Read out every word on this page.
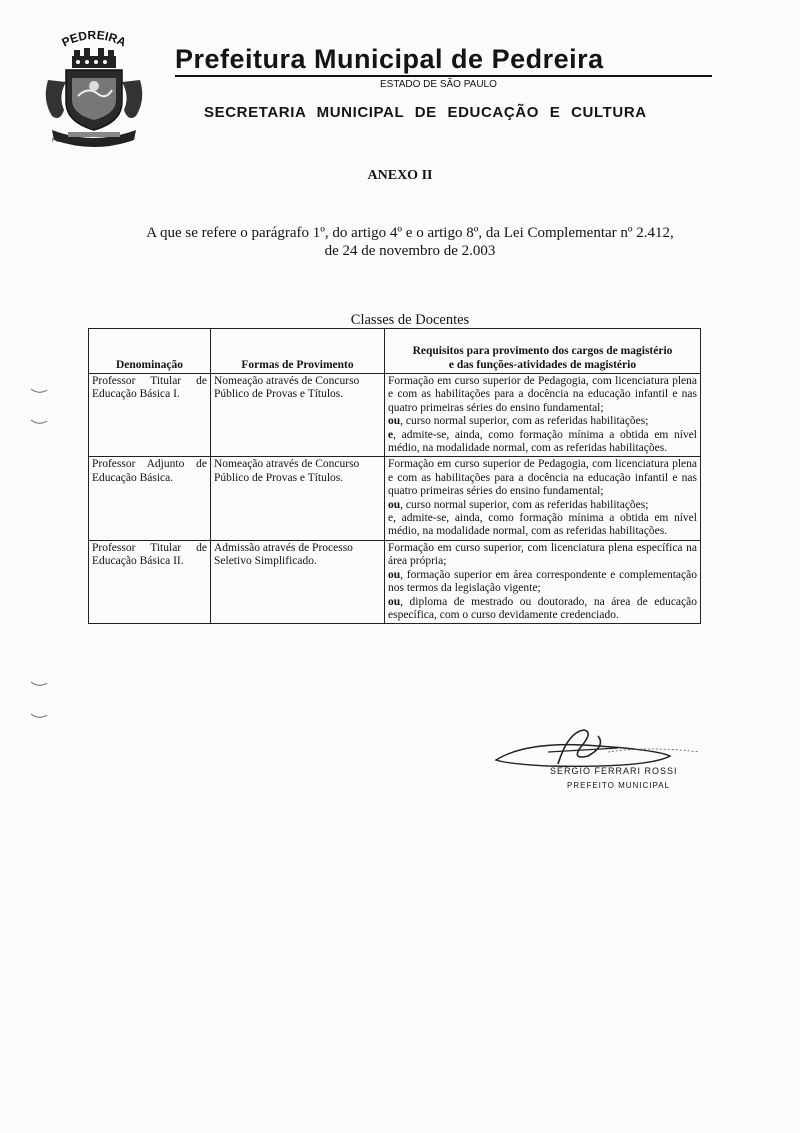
PEDREIRA
Flor da Porcelana
Prefeitura Municipal de Pedreira
ESTADO DE SÃO PAULO
SECRETARIA MUNICIPAL DE EDUCAÇÃO E CULTURA
ANEXO II
A que se refere o parágrafo 1º, do artigo 4º e o artigo 8º, da Lei Complementar nº 2.412,
de 24 de novembro de 2.003
Classes de Docentes
Denominação	Formas de Provimento	Requisitos para provimento dos cargos de magistério
e das funções-atividades de magistério

Professor Titular de Educação Básica I.	Nomeação através de Concurso Público de Provas e Títulos.	Formação em curso superior de Pedagogia, com licenciatura plena e com as habilitações para a docência na educação infantil e nas quatro primeiras séries do ensino fundamental;
ou, curso normal superior, com as referidas habilitações;
e, admite-se, ainda, como formação mínima a obtida em nível médio, na modalidade normal, com as referidas habilitações.

Professor Adjunto de Educação Básica.	Nomeação através de Concurso Público de Provas e Títulos.	Formação em curso superior de Pedagogia, com licenciatura plena e com as habilitações para a docência na educação infantil e nas quatro primeiras séries do ensino fundamental;
ou, curso normal superior, com as referidas habilitações;
e, admite-se, ainda, como formação mínima a obtida em nível médio, na modalidade normal, com as referidas habilitações.

Professor Titular de Educação Básica II.	Admissão através de Processo Seletivo Simplificado.	Formação em curso superior, com licenciatura plena específica na área própria;
ou, formação superior em área correspondente e complementação nos termos da legislação vigente;
ou, diploma de mestrado ou doutorado, na área de educação específica, com o curso devidamente credenciado.
SERGIO FERRARI ROSSI
PREFEITO MUNICIPAL
